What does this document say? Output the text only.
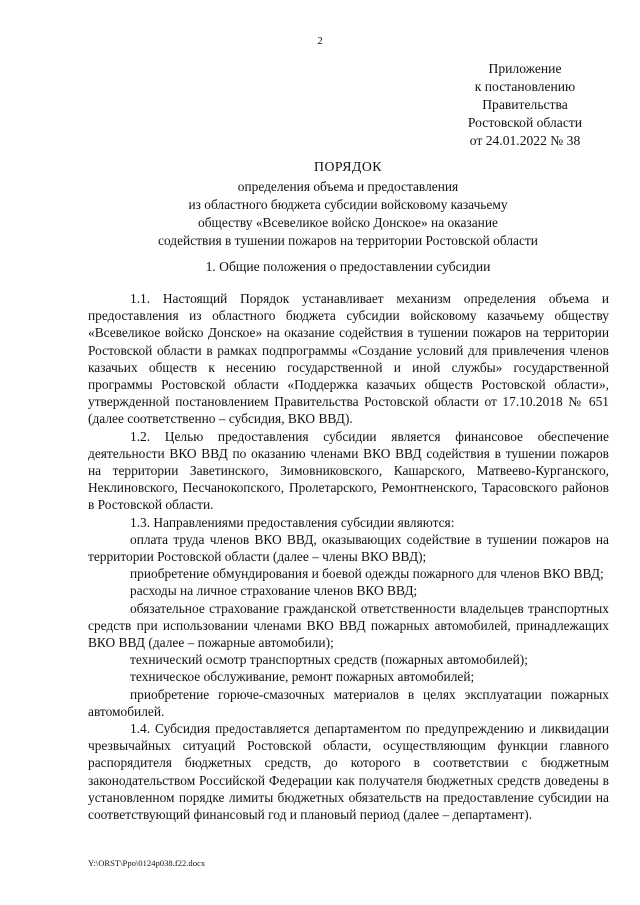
2
Приложение
к постановлению
Правительства
Ростовской области
от 24.01.2022 № 38
ПОРЯДОК
определения объема и предоставления
из областного бюджета субсидии войсковому казачьему
обществу «Всевеликое войско Донское» на оказание
содействия в тушении пожаров на территории Ростовской области
1. Общие положения о предоставлении субсидии

1.1. Настоящий Порядок устанавливает механизм определения объема и предоставления из областного бюджета субсидии войсковому казачьему обществу «Всевеликое войско Донское» на оказание содействия в тушении пожаров на территории Ростовской области в рамках подпрограммы «Создание условий для привлечения членов казачьих обществ к несению государственной и иной службы» государственной программы Ростовской области «Поддержка казачьих обществ Ростовской области», утвержденной постановлением Правительства Ростовской области от 17.10.2018 № 651 (далее соответственно – субсидия, ВКО ВВД).

1.2. Целью предоставления субсидии является финансовое обеспечение деятельности ВКО ВВД по оказанию членами ВКО ВВД содействия в тушении пожаров на территории Заветинского, Зимовниковского, Кашарского, Матвеево-Курганского, Неклиновского, Песчанокопского, Пролетарского, Ремонтненского, Тарасовского районов в Ростовской области.

1.3. Направлениями предоставления субсидии являются:

оплата труда членов ВКО ВВД, оказывающих содействие в тушении пожаров на территории Ростовской области (далее – члены ВКО ВВД);

приобретение обмундирования и боевой одежды пожарного для членов ВКО ВВД;

расходы на личное страхование членов ВКО ВВД;

обязательное страхование гражданской ответственности владельцев транспортных средств при использовании членами ВКО ВВД пожарных автомобилей, принадлежащих ВКО ВВД (далее – пожарные автомобили);

технический осмотр транспортных средств (пожарных автомобилей);

техническое обслуживание, ремонт пожарных автомобилей;

приобретение горюче-смазочных материалов в целях эксплуатации пожарных автомобилей.

1.4. Субсидия предоставляется департаментом по предупреждению и ликвидации чрезвычайных ситуаций Ростовской области, осуществляющим функции главного распорядителя бюджетных средств, до которого в соответствии с бюджетным законодательством Российской Федерации как получателя бюджетных средств доведены в установленном порядке лимиты бюджетных обязательств на предоставление субсидии на соответствующий финансовый год и плановый период (далее – департамент).

Y:\ORST\Ppo\0124p038.f22.docx
